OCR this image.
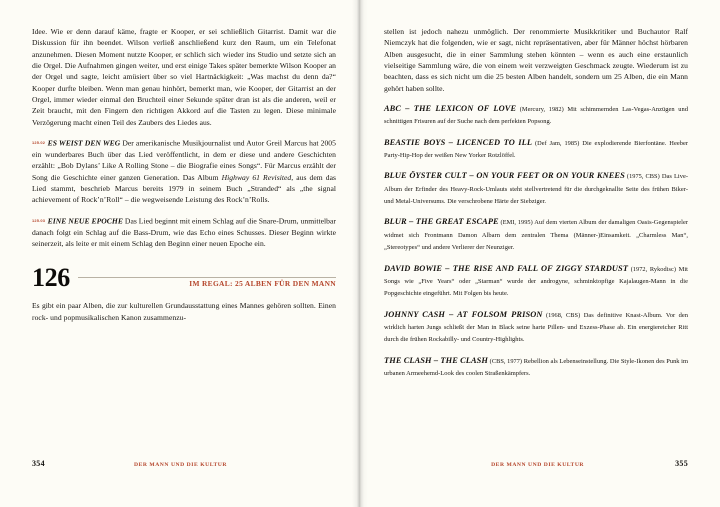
Idee. Wie er denn darauf käme, fragte er Kooper, er sei schließlich Gitarrist. Damit war die Diskussion für ihn beendet. Wilson verließ anschließend kurz den Raum, um ein Telefonat anzunehmen. Diesen Moment nutzte Kooper, er schlich sich wieder ins Studio und setzte sich an die Orgel. Die Aufnahmen gingen weiter, und erst einige Takes später bemerkte Wilson Kooper an der Orgel und sagte, leicht amüsiert über so viel Hartnäckigkeit: „Was machst du denn da?“ Kooper durfte bleiben. Wenn man genau hinhört, bemerkt man, wie Kooper, der Gitarrist an der Orgel, immer wieder einmal den Bruchteil einer Sekunde später dran ist als die anderen, weil er Zeit braucht, mit den Fingern den richtigen Akkord auf die Tasten zu legen. Diese minimale Verzögerung macht einen Teil des Zaubers des Liedes aus.

$^{125.02}$ ES WEIST DEN WEG Der amerikanische Musikjournalist und Autor Greil Marcus hat 2005 ein wunderbares Buch über das Lied veröffentlicht, in dem er diese und andere Geschichten erzählt: „Bob Dylans’ Like A Rolling Stone – die Biografie eines Songs“. Für Marcus erzählt der Song die Geschichte einer ganzen Generation. Das Album Highway 61 Revisited, aus dem das Lied stammt, beschrieb Marcus bereits 1979 in seinem Buch „Stranded“ als „the signal achievement of Rock’n’Roll“ – die wegweisende Leistung des Rock’n’Rolls.

$^{125.03}$ EINE NEUE EPOCHE Das Lied beginnt mit einem Schlag auf die Snare-Drum, unmittelbar danach folgt ein Schlag auf die Bass-Drum, wie das Echo eines Schusses. Dieser Beginn wirkte seinerzeit, als leite er mit einem Schlag den Beginn einer neuen Epoche ein.

126	IM REGAL: 25 ALBEN FÜR DEN MANN

Es gibt ein paar Alben, die zur kulturellen Grundausstattung eines Mannes gehören sollten. Einen rock- und popmusikalischen Kanon zusammenzu-

354	DER MANN UND DIE KULTUR

stellen ist jedoch nahezu unmöglich. Der renommierte Musikkritiker und Buchautor Ralf Niemczyk hat die folgenden, wie er sagt, nicht repräsentativen, aber für Männer höchst hörbaren Alben ausgesucht, die in einer Sammlung stehen könnten – wenn es auch eine erstaunlich vielseitige Sammlung wäre, die von einem weit verzweigten Geschmack zeugte. Wiederum ist zu beachten, dass es sich nicht um die 25 besten Alben handelt, sondern um 25 Alben, die ein Mann gehört haben sollte.

ABC – THE LEXICON OF LOVE (Mercury, 1982) Mit schimmernden Las-Vegas-Anzügen und schnittigen Frisuren auf der Suche nach dem perfekten Popsong.
BEASTIE BOYS – LICENCED TO ILL (Def Jam, 1985) Die explodierende Bierfontäne. Heeber Party-Hip-Hop der weißen New Yorker Rotzlöffel.
BLUE ÖYSTER CULT – ON YOUR FEET OR ON YOUR KNEES (1975, CBS) Das Live-Album der Erfinder des Heavy-Rock-Umlauts steht stellvertretend für die durchgeknallte Seite des frühen Biker- und Metal-Universums. Die verschrobene Härte der Siebziger.
BLUR – THE GREAT ESCAPE (EMI, 1995) Auf dem vierten Album der damaligen Oasis-Gegenspieler widmet sich Frontmann Damon Albarn dem zentralen Thema (Männer-)Einsamkeit. „Charmless Man“, „Stereotypes“ und andere Verlierer der Neunziger.
DAVID BOWIE – THE RISE AND FALL OF ZIGGY STARDUST (1972, Rykodisc) Mit Songs wie „Five Years“ oder „Starman“ wurde der androgyne, schminktopfige Kajalaugen-Mann in die Popgeschichte eingeführt. Mit Folgen bis heute.
JOHNNY CASH – AT FOLSOM PRISON (1968, CBS) Das definitive Knast-Album. Vor den wirklich harten Jungs schließt der Man in Black seine harte Pillen- und Exzess-Phase ab. Ein energiereicher Ritt durch die frühen Rockabilly- und Country-Highlights.
THE CLASH – THE CLASH (CBS, 1977) Rebellion als Lebenseinstellung. Die Style-Ikonen des Punk im urbanen Armeehemd-Look des coolen Straßenkämpfers.
DER MANN UND DIE KULTUR	355
